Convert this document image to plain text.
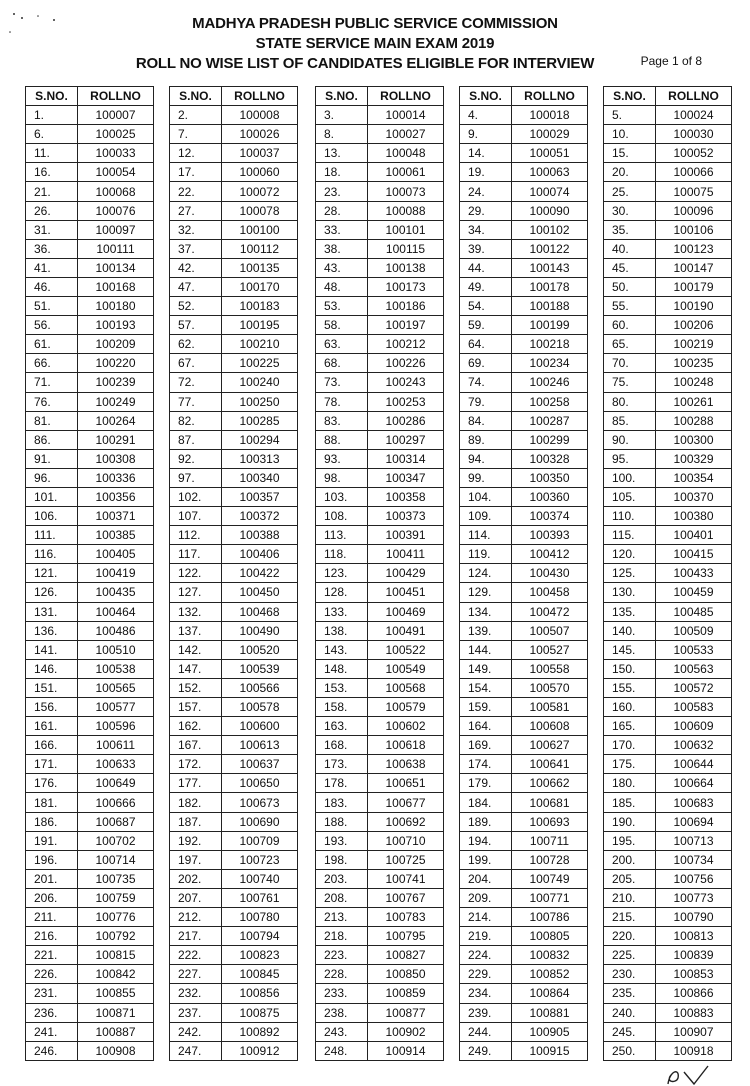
MADHYA PRADESH PUBLIC SERVICE COMMISSION
STATE SERVICE MAIN EXAM 2019
ROLL NO WISE LIST OF CANDIDATES ELIGIBLE FOR INTERVIEW	Page 1 of 8
S.NO.	ROLLNO
1.	100007
6.	100025
11.	100033
16.	100054
21.	100068
26.	100076
31.	100097
36.	100111
41.	100134
46.	100168
51.	100180
56.	100193
61.	100209
66.	100220
71.	100239
76.	100249
81.	100264
86.	100291
91.	100308
96.	100336
101.	100356
106.	100371
111.	100385
116.	100405
121.	100419
126.	100435
131.	100464
136.	100486
141.	100510
146.	100538
151.	100565
156.	100577
161.	100596
166.	100611
171.	100633
176.	100649
181.	100666
186.	100687
191.	100702
196.	100714
201.	100735
206.	100759
211.	100776
216.	100792
221.	100815
226.	100842
231.	100855
236.	100871
241.	100887
246.	100908
S.NO.	ROLLNO
2.	100008
7.	100026
12.	100037
17.	100060
22.	100072
27.	100078
32.	100100
37.	100112
42.	100135
47.	100170
52.	100183
57.	100195
62.	100210
67.	100225
72.	100240
77.	100250
82.	100285
87.	100294
92.	100313
97.	100340
102.	100357
107.	100372
112.	100388
117.	100406
122.	100422
127.	100450
132.	100468
137.	100490
142.	100520
147.	100539
152.	100566
157.	100578
162.	100600
167.	100613
172.	100637
177.	100650
182.	100673
187.	100690
192.	100709
197.	100723
202.	100740
207.	100761
212.	100780
217.	100794
222.	100823
227.	100845
232.	100856
237.	100875
242.	100892
247.	100912
S.NO.	ROLLNO
3.	100014
8.	100027
13.	100048
18.	100061
23.	100073
28.	100088
33.	100101
38.	100115
43.	100138
48.	100173
53.	100186
58.	100197
63.	100212
68.	100226
73.	100243
78.	100253
83.	100286
88.	100297
93.	100314
98.	100347
103.	100358
108.	100373
113.	100391
118.	100411
123.	100429
128.	100451
133.	100469
138.	100491
143.	100522
148.	100549
153.	100568
158.	100579
163.	100602
168.	100618
173.	100638
178.	100651
183.	100677
188.	100692
193.	100710
198.	100725
203.	100741
208.	100767
213.	100783
218.	100795
223.	100827
228.	100850
233.	100859
238.	100877
243.	100902
248.	100914
S.NO.	ROLLNO
4.	100018
9.	100029
14.	100051
19.	100063
24.	100074
29.	100090
34.	100102
39.	100122
44.	100143
49.	100178
54.	100188
59.	100199
64.	100218
69.	100234
74.	100246
79.	100258
84.	100287
89.	100299
94.	100328
99.	100350
104.	100360
109.	100374
114.	100393
119.	100412
124.	100430
129.	100458
134.	100472
139.	100507
144.	100527
149.	100558
154.	100570
159.	100581
164.	100608
169.	100627
174.	100641
179.	100662
184.	100681
189.	100693
194.	100711
199.	100728
204.	100749
209.	100771
214.	100786
219.	100805
224.	100832
229.	100852
234.	100864
239.	100881
244.	100905
249.	100915
S.NO.	ROLLNO
5.	100024
10.	100030
15.	100052
20.	100066
25.	100075
30.	100096
35.	100106
40.	100123
45.	100147
50.	100179
55.	100190
60.	100206
65.	100219
70.	100235
75.	100248
80.	100261
85.	100288
90.	100300
95.	100329
100.	100354
105.	100370
110.	100380
115.	100401
120.	100415
125.	100433
130.	100459
135.	100485
140.	100509
145.	100533
150.	100563
155.	100572
160.	100583
165.	100609
170.	100632
175.	100644
180.	100664
185.	100683
190.	100694
195.	100713
200.	100734
205.	100756
210.	100773
215.	100790
220.	100813
225.	100839
230.	100853
235.	100866
240.	100883
245.	100907
250.	100918
